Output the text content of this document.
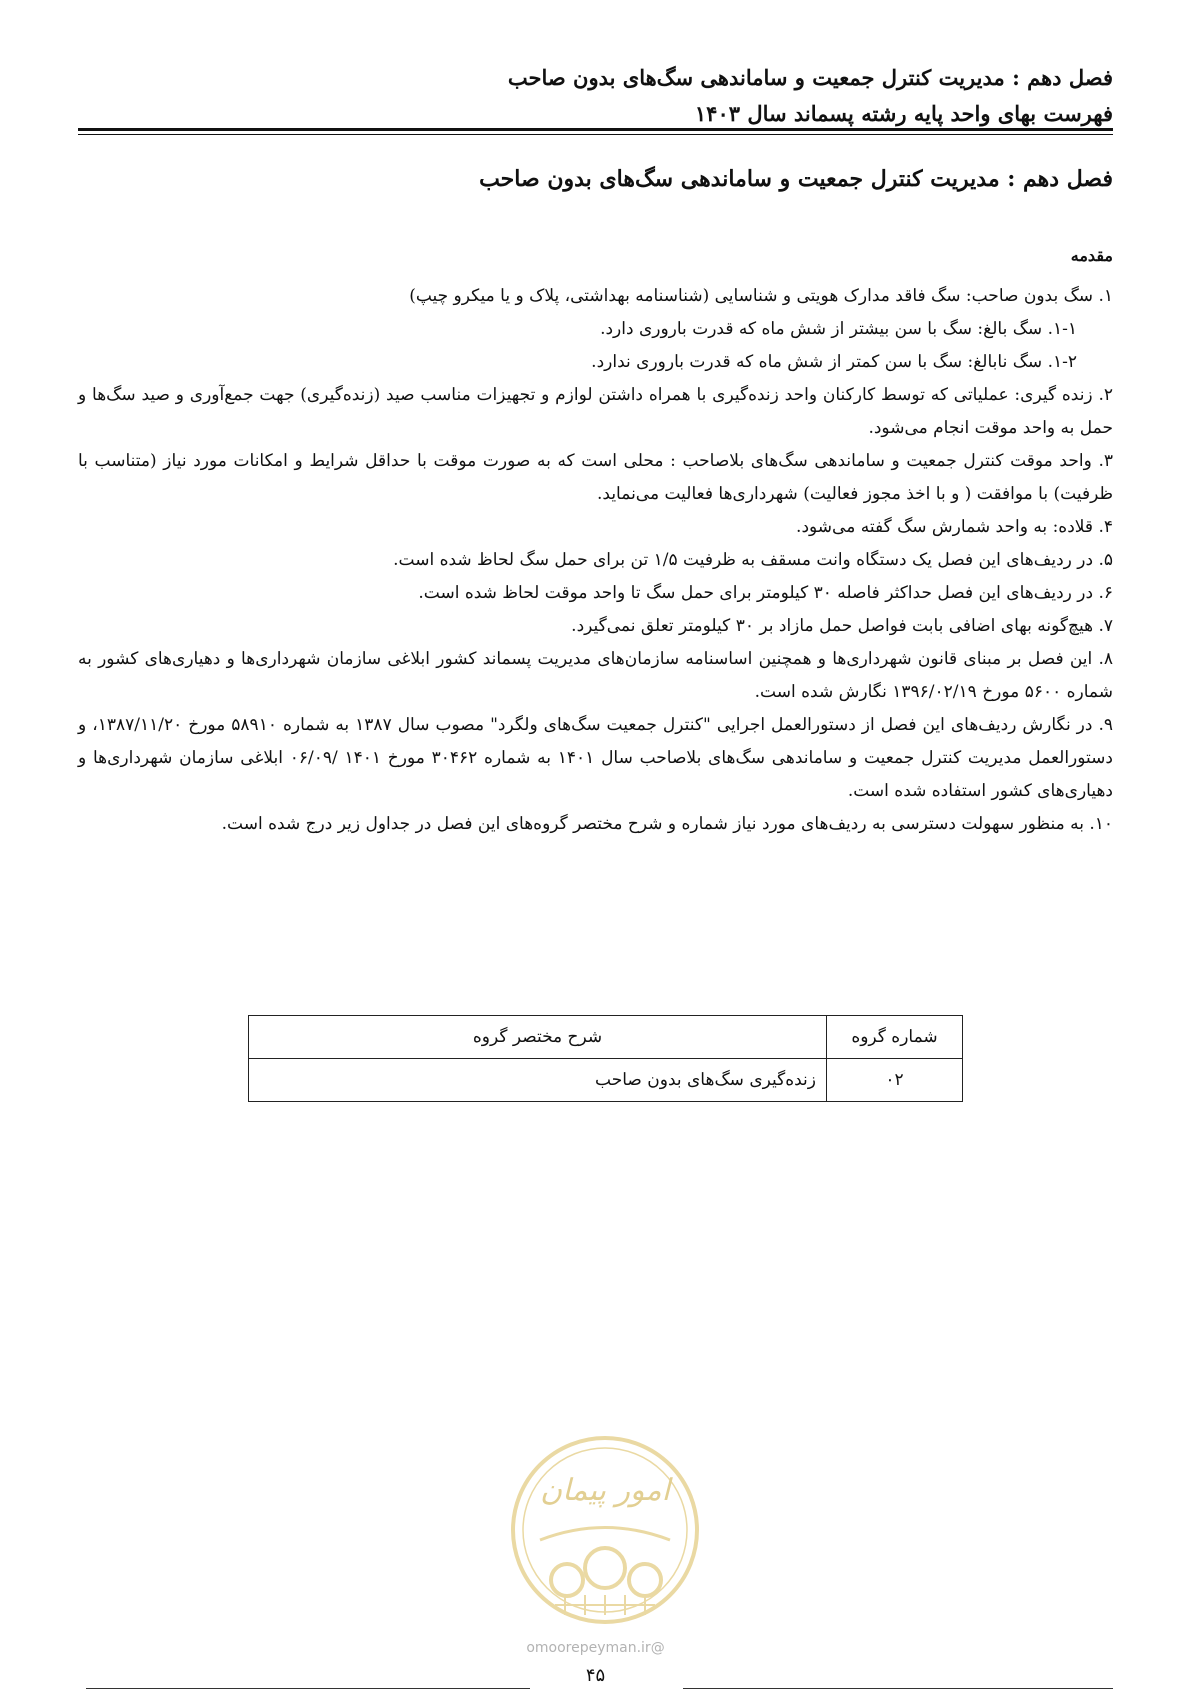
فصل دهم : مدیریت کنترل جمعیت و ساماندهی سگ‌های بدون صاحب
فهرست بهای واحد پایه رشته پسماند سال ۱۴۰۳
فصل دهم : مدیریت کنترل جمعیت و ساماندهی سگ‌های بدون صاحب
مقدمه
۱. سگ بدون صاحب: سگ فاقد مدارک هویتی و شناسایی (شناسنامه بهداشتی، پلاک و یا میکرو چیپ)
۱-۱. سگ بالغ: سگ با سن بیشتر از شش ماه که قدرت باروری دارد.
۱-۲. سگ نابالغ: سگ با سن کمتر از شش ماه که قدرت باروری ندارد.
۲. زنده گیری: عملیاتی که توسط کارکنان واحد زنده‌گیری با همراه داشتن لوازم و تجهیزات مناسب صید (زنده‌گیری) جهت جمع‌آوری و صید سگ‌ها و حمل به واحد موقت انجام می‌شود.
۳. واحد موقت کنترل جمعیت و ساماندهی سگ‌های بلاصاحب : محلی است که به صورت موقت با حداقل شرایط و امکانات مورد نیاز (متناسب با ظرفیت) با موافقت ( و با اخذ مجوز فعالیت) شهرداری‌ها فعالیت می‌نماید.
۴. قلاده: به واحد شمارش سگ گفته می‌شود.
۵. در ردیف‌های این فصل یک دستگاه وانت مسقف به ظرفیت ۱/۵ تن برای حمل سگ لحاظ شده است.
۶. در ردیف‌های این فصل حداکثر فاصله ۳۰ کیلومتر برای حمل سگ تا واحد موقت لحاظ شده است.
۷. هیچ‌گونه بهای اضافی بابت فواصل حمل مازاد بر ۳۰ کیلومتر تعلق نمی‌گیرد.
۸. این فصل بر مبنای قانون شهرداری‌ها و همچنین اساسنامه سازمان‌های مدیریت پسماند کشور ابلاغی سازمان شهرداری‌ها و دهیاری‌های کشور به شماره ۵۶۰۰ مورخ ۱۳۹۶/۰۲/۱۹ نگارش شده است.
۹. در نگارش ردیف‌های این فصل از دستورالعمل اجرایی "کنترل جمعیت سگ‌های ولگرد" مصوب سال ۱۳۸۷ به شماره ۵۸۹۱۰ مورخ ۱۳۸۷/۱۱/۲۰، و دستورالعمل مدیریت کنترل جمعیت و ساماندهی سگ‌های بلاصاحب سال ۱۴۰۱ به شماره ۳۰۴۶۲ مورخ ۱۴۰۱ /۰۶/۰۹ ابلاغی سازمان شهرداری‌ها و دهیاری‌های کشور استفاده شده است.
۱۰. به منظور سهولت دسترسی به ردیف‌های مورد نیاز شماره و شرح مختصر گروه‌های این فصل در جداول زیر درج شده است.
شماره گروه	شرح مختصر گروه
۰۲	زنده‌گیری سگ‌های بدون صاحب
امور پیمان
@omoorepeyman.ir
۴۵
